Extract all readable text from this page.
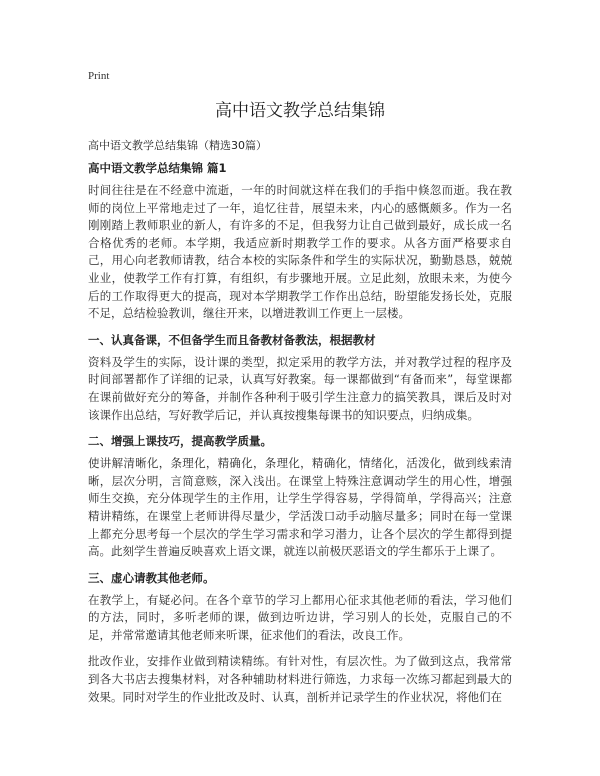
Print
高中语文教学总结集锦
高中语文教学总结集锦（精选30篇）
高中语文教学总结集锦 篇1

时间往往是在不经意中流逝，一年的时间就这样在我们的手指中倏忽而逝。我在教师的岗位上平常地走过了一年，追忆往昔，展望未来，内心的感慨颇多。作为一名刚刚踏上教师职业的新人，有许多的不足，但我努力让自己做到最好，成长成一名合格优秀的老师。本学期，我适应新时期教学工作的要求。从各方面严格要求自己，用心向老教师请教，结合本校的实际条件和学生的实际状况，勤勤恳恳，兢兢业业，使教学工作有打算，有组织，有步骤地开展。立足此刻，放眼未来，为使今后的工作取得更大的提高，现对本学期教学工作作出总结，盼望能发扬长处，克服不足，总结检验教训，继往开来，以增进教训工作更上一层楼。

一、认真备课，不但备学生而且备教材备教法，根据教材

资料及学生的实际，设计课的类型，拟定采用的教学方法，并对教学过程的程序及时间部署都作了详细的记录，认真写好教案。每一课都做到“有备而来”，每堂课都在课前做好充分的筹备，并制作各种利于吸引学生注意力的搞笑教具，课后及时对该课作出总结，写好教学后记，并认真按搜集每课书的知识要点，归纳成集。

二、增强上课技巧，提高教学质量。

使讲解清晰化，条理化，精确化，条理化，精确化，情绪化，活泼化，做到线索清晰，层次分明，言简意赅，深入浅出。在课堂上特殊注意调动学生的用心性，增强师生交换，充分体现学生的主作用，让学生学得容易，学得简单，学得高兴；注意精讲精练，在课堂上老师讲得尽量少，学活泼口动手动脑尽量多；同时在每一堂课上都充分思考每一个层次的学生学习需求和学习潜力，让各个层次的学生都得到提高。此刻学生普遍反映喜欢上语文课，就连以前极厌恶语文的学生都乐于上课了。

三、虚心请教其他老师。

在教学上，有疑必问。在各个章节的学习上都用心征求其他老师的看法，学习他们的方法，同时，多听老师的课，做到边听边讲，学习别人的长处，克服自己的不足，并常常邀请其他老师来听课，征求他们的看法，改良工作。

批改作业，安排作业做到精读精练。有针对性，有层次性。为了做到这点，我常常到各大书店去搜集材料，对各种辅助材料进行筛选，力求每一次练习都起到最大的效果。同时对学生的作业批改及时、认真，剖析并记录学生的作业状况，将他们在
